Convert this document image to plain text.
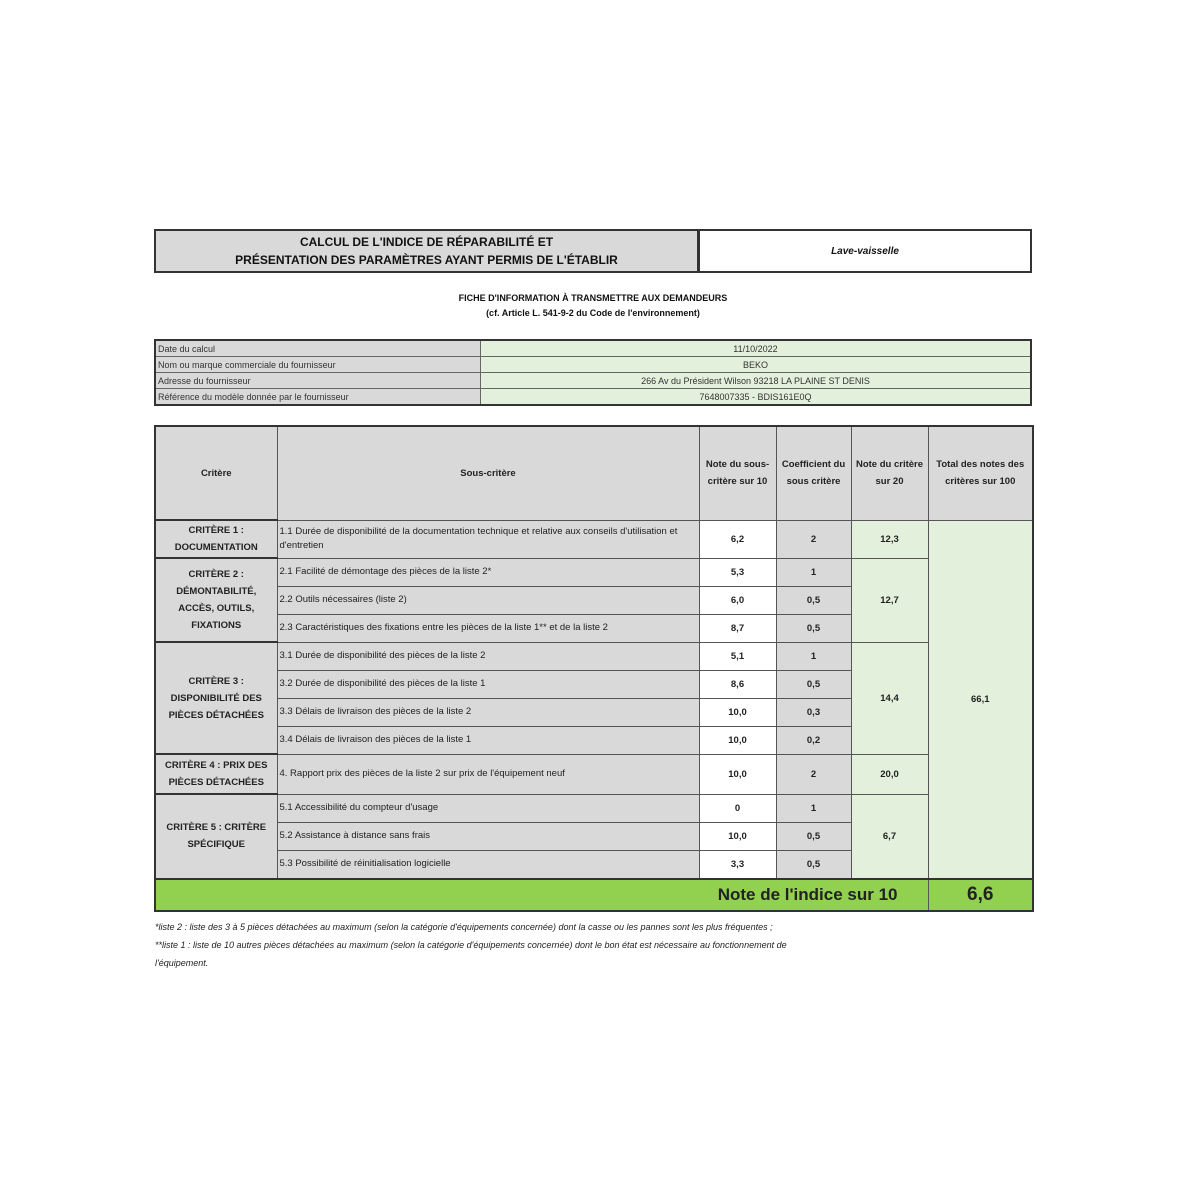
CALCUL DE L'INDICE DE RÉPARABILITÉ ET
PRÉSENTATION DES PARAMÈTRES AYANT PERMIS DE L'ÉTABLIR
Lave-vaisselle
FICHE D'INFORMATION À TRANSMETTRE AUX DEMANDEURS
(cf. Article L. 541-9-2 du Code de l'environnement)
Date du calcul	11/10/2022
Nom ou marque commerciale du fournisseur	BEKO
Adresse du fournisseur	266 Av du Président Wilson 93218 LA PLAINE ST DENIS
Référence du modèle donnée par le fournisseur	7648007335 - BDIS161E0Q
Critère	Sous-critère	Note du sous-critère sur 10	Coefficient du sous critère	Note du critère sur 20	Total des notes des critères sur 100
CRITÈRE 1 : DOCUMENTATION	1.1 Durée de disponibilité de la documentation technique et relative aux conseils d'utilisation et d'entretien	6,2	2	12,3	66,1
CRITÈRE 2 : DÉMONTABILITÉ, ACCÈS, OUTILS, FIXATIONS	2.1 Facilité de démontage des pièces de la liste 2*	5,3	1	12,7	
	2.2 Outils nécessaires (liste 2)	6,0	0,5		
	2.3 Caractéristiques des fixations entre les pièces de la liste 1** et de la liste 2	8,7	0,5		
CRITÈRE 3 : DISPONIBILITÉ DES PIÈCES DÉTACHÉES	3.1 Durée de disponibilité des pièces de la liste 2	5,1	1	14,4	
	3.2 Durée de disponibilité des pièces de la liste 1	8,6	0,5		
	3.3 Délais de livraison des pièces de la liste 2	10,0	0,3		
	3.4 Délais de livraison des pièces de la liste 1	10,0	0,2		
CRITÈRE 4 : PRIX DES PIÈCES DÉTACHÉES	4. Rapport prix des pièces de la liste 2 sur prix de l'équipement neuf	10,0	2	20,0	
CRITÈRE 5 : CRITÈRE SPÉCIFIQUE	5.1 Accessibilité du compteur d'usage	0	1	6,7	
	5.2 Assistance à distance sans frais	10,0	0,5		
	5.3 Possibilité de réinitialisation logicielle	3,3	0,5		
Note de l'indice sur 10					6,6
*liste 2 : liste des 3 à 5 pièces détachées au maximum (selon la catégorie d'équipements concernée) dont la casse ou les pannes sont les plus fréquentes ;
**liste 1 : liste de 10 autres pièces détachées au maximum (selon la catégorie d'équipements concernée) dont le bon état est nécessaire au fonctionnement de
l'équipement.
